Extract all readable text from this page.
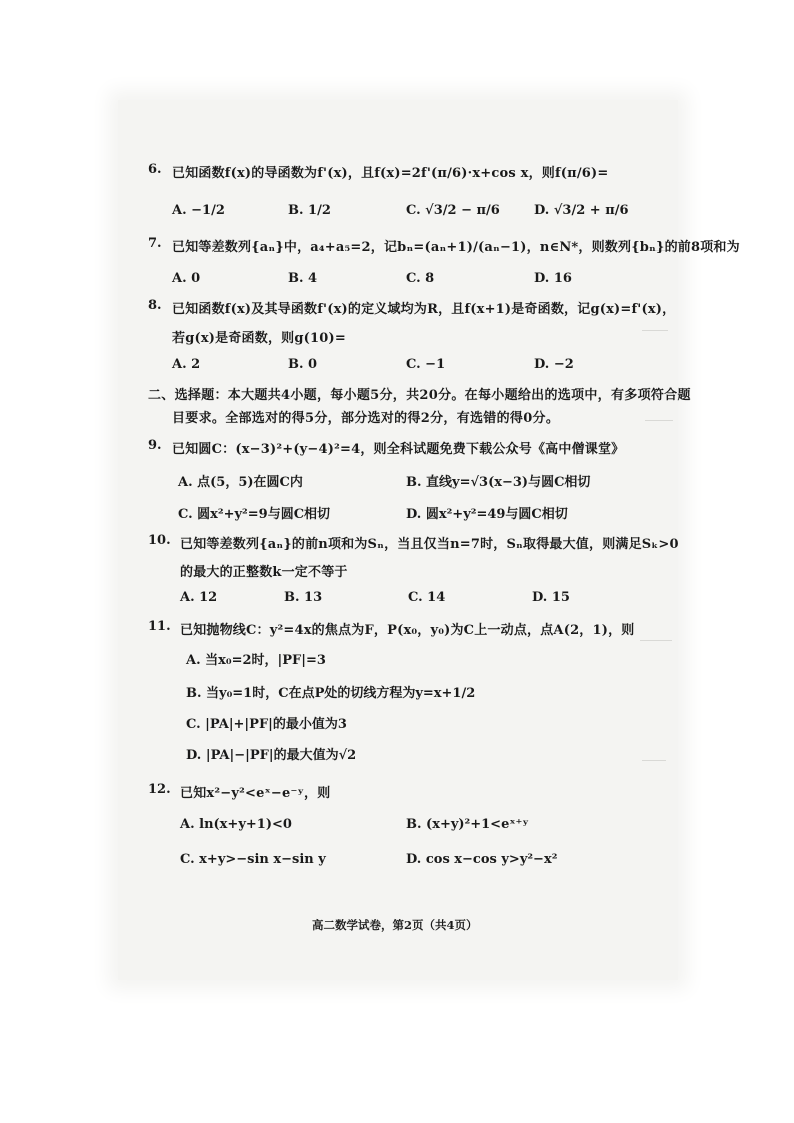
6. 已知函数f(x)的导函数为f'(x)，且f(x)=2f'(π/6)·x+cos x，则f(π/6)=
A. −1/2	B. 1/2	C. √3/2 − π/6	D. √3/2 + π/6
7. 已知等差数列{aₙ}中，a₄+a₅=2，记bₙ=(aₙ+1)/(aₙ−1)，n∈N*，则数列{bₙ}的前8项和为
A. 0	B. 4	C. 8	D. 16
8. 已知函数f(x)及其导函数f'(x)的定义域均为R，且f(x+1)是奇函数，记g(x)=f'(x)，
若g(x)是奇函数，则g(10)=
A. 2	B. 0	C. −1	D. −2
二、选择题：本大题共4小题，每小题5分，共20分。在每小题给出的选项中，有多项符合题
目要求。全部选对的得5分，部分选对的得2分，有选错的得0分。
9. 已知圆C：(x−3)²+(y−4)²=4，则全科试题免费下载公众号《高中僧课堂》
A. 点(5，5)在圆C内	B. 直线y=√3(x−3)与圆C相切
C. 圆x²+y²=9与圆C相切	D. 圆x²+y²=49与圆C相切
10. 已知等差数列{aₙ}的前n项和为Sₙ，当且仅当n=7时，Sₙ取得最大值，则满足Sₖ>0
的最大的正整数k一定不等于
A. 12	B. 13	C. 14	D. 15
11. 已知抛物线C：y²=4x的焦点为F，P(x₀，y₀)为C上一动点，点A(2，1)，则
A. 当x₀=2时，|PF|=3
B. 当y₀=1时，C在点P处的切线方程为y=x+1/2
C. |PA|+|PF|的最小值为3
D. |PA|−|PF|的最大值为√2
12. 已知x²−y²<eˣ−e⁻ʸ，则
A. ln(x+y+1)<0	B. (x+y)²+1<eˣ⁺ʸ
C. x+y>−sin x−sin y	D. cos x−cos y>y²−x²
高二数学试卷，第2页（共4页）
